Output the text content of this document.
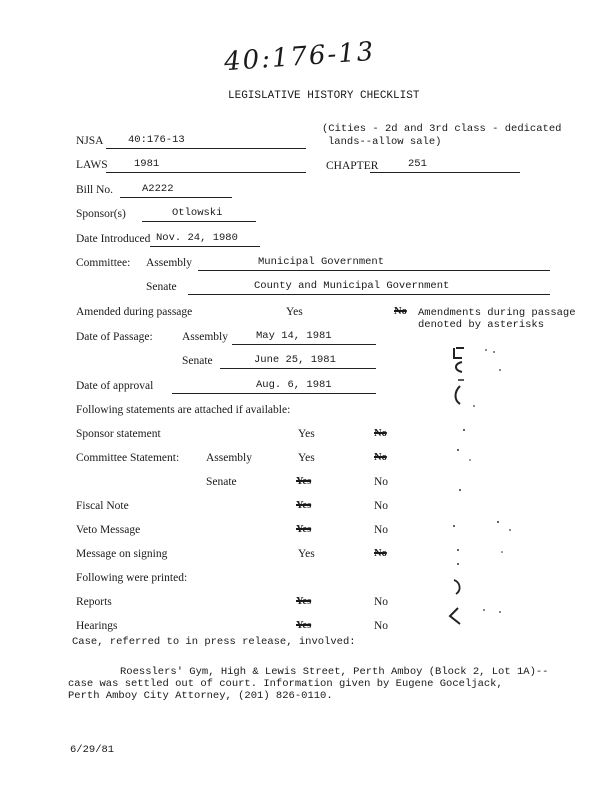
40:176-13
LEGISLATIVE HISTORY CHECKLIST
NJSA 40:176-13
(Cities - 2d and 3rd class - dedicated
lands--allow sale)
LAWS	1981	CHAPTER	251
Bill No.	A2222
Sponsor(s)	Otlowski
Date Introduced Nov. 24, 1980
Committee: Assembly	Municipal Government
Senate	County and Municipal Government
Amended during passage	Yes	No Amendments during passage
denoted by asterisks
Date of Passage:	Assembly	May 14, 1981
Senate	June 25, 1981
Date of approval	Aug. 6, 1981
Following statements are attached if available:
Sponsor statement	Yes	No
Committee Statement: Assembly	Yes	No
Senate	Yes	No
Fiscal Note	Yes	No
Veto Message	Yes	No
Message on signing	Yes	No
Following were printed:
Reports	Yes	No
Hearings	Yes	No
Case, referred to in press release, involved:
Roesslers' Gym, High & Lewis Street, Perth Amboy (Block 2, Lot 1A)--
case was settled out of court. Information given by Eugene Goceljack,
Perth Amboy City Attorney, (201) 826-0110.
6/29/81
